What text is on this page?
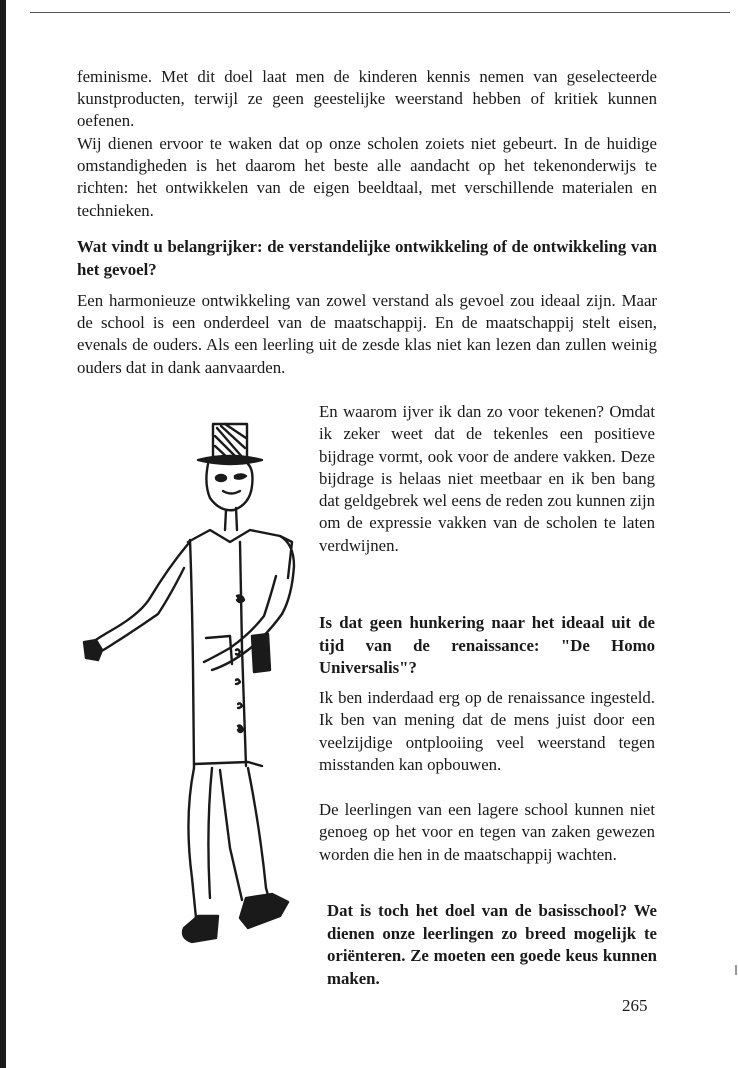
feminisme. Met dit doel laat men de kinderen kennis nemen van geselecteerde kunstproducten, terwijl ze geen geestelijke weerstand hebben of kritiek kunnen oefenen.

Wij dienen ervoor te waken dat op onze scholen zoiets niet gebeurt. In de huidige omstandigheden is het daarom het beste alle aandacht op het tekenonderwijs te richten: het ontwikkelen van de eigen beeldtaal, met verschillende materialen en technieken.

Wat vindt u belangrijker: de verstandelijke ontwikkeling of de ontwikkeling van het gevoel?

Een harmonieuze ontwikkeling van zowel verstand als gevoel zou ideaal zijn. Maar de school is een onderdeel van de maatschappij. En de maatschappij stelt eisen, evenals de ouders. Als een leerling uit de zesde klas niet kan lezen dan zullen weinig ouders dat in dank aanvaarden.

En waarom ijver ik dan zo voor tekenen? Omdat ik zeker weet dat de tekenles een positieve bijdrage vormt, ook voor de andere vakken. Deze bijdrage is helaas niet meetbaar en ik ben bang dat geldgebrek wel eens de reden zou kunnen zijn om de expressie vakken van de scholen te laten verdwijnen.

Is dat geen hunkering naar het ideaal uit de tijd van de renaissance: "De Homo Universalis"?

Ik ben inderdaad erg op de renaissance ingesteld. Ik ben van mening dat de mens juist door een veelzijdige ontplooiing veel weerstand tegen misstanden kan opbouwen.

De leerlingen van een lagere school kunnen niet genoeg op het voor en tegen van zaken gewezen worden die hen in de maatschappij wachten.

Dat is toch het doel van de basisschool? We dienen onze leerlingen zo breed mogelijk te oriënteren. Ze moeten een goede keus kunnen maken.

265
